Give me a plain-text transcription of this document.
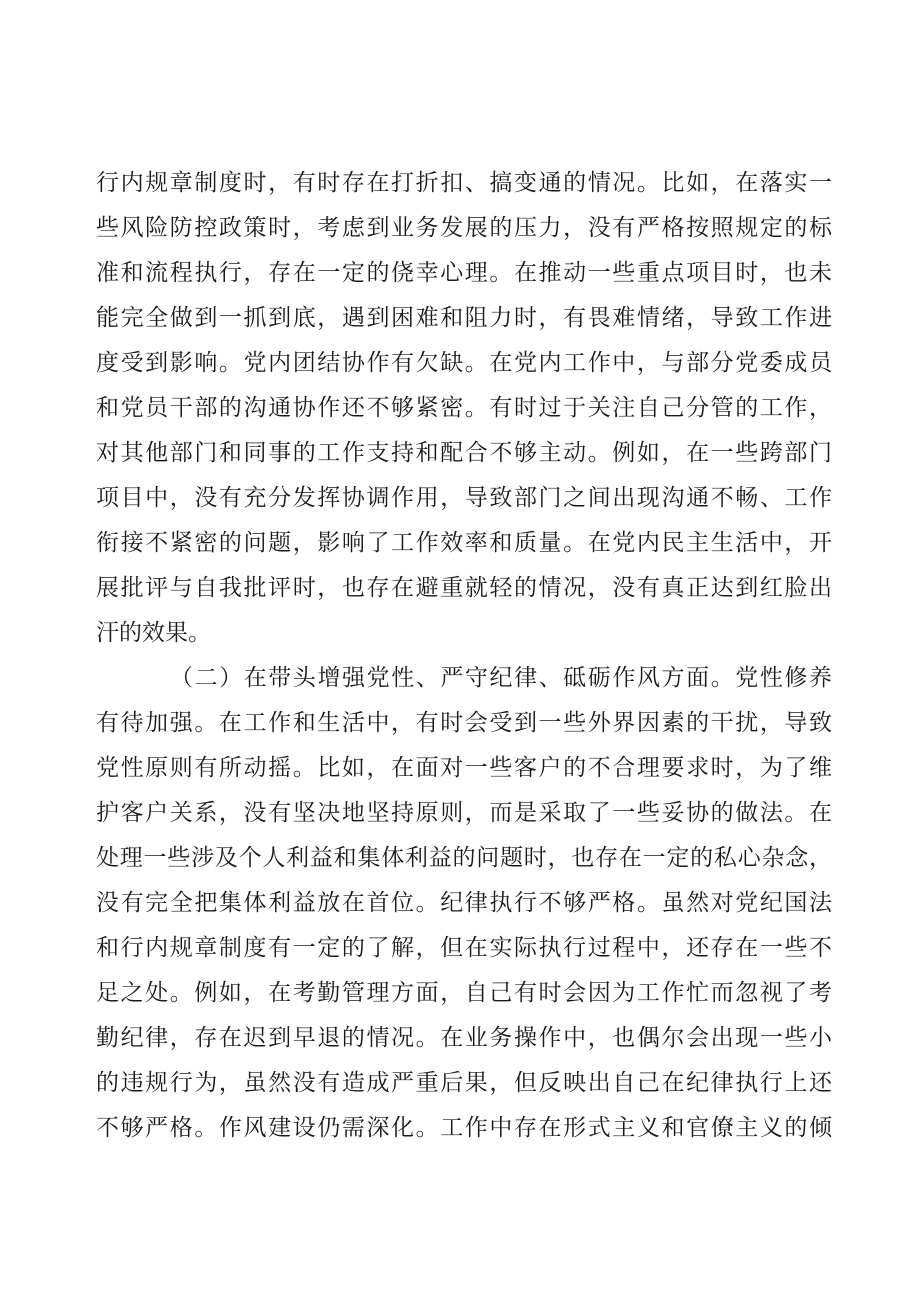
行内规章制度时，有时存在打折扣、搞变通的情况。比如，在落实一
些风险防控政策时，考虑到业务发展的压力，没有严格按照规定的标
准和流程执行，存在一定的侥幸心理。在推动一些重点项目时，也未
能完全做到一抓到底，遇到困难和阻力时，有畏难情绪，导致工作进
度受到影响。党内团结协作有欠缺。在党内工作中，与部分党委成员
和党员干部的沟通协作还不够紧密。有时过于关注自己分管的工作，
对其他部门和同事的工作支持和配合不够主动。例如，在一些跨部门
项目中，没有充分发挥协调作用，导致部门之间出现沟通不畅、工作
衔接不紧密的问题，影响了工作效率和质量。在党内民主生活中，开
展批评与自我批评时，也存在避重就轻的情况，没有真正达到红脸出
汗的效果。
（二）在带头增强党性、严守纪律、砥砺作风方面。党性修养
有待加强。在工作和生活中，有时会受到一些外界因素的干扰，导致
党性原则有所动摇。比如，在面对一些客户的不合理要求时，为了维
护客户关系，没有坚决地坚持原则，而是采取了一些妥协的做法。在
处理一些涉及个人利益和集体利益的问题时，也存在一定的私心杂念，
没有完全把集体利益放在首位。纪律执行不够严格。虽然对党纪国法
和行内规章制度有一定的了解，但在实际执行过程中，还存在一些不
足之处。例如，在考勤管理方面，自己有时会因为工作忙而忽视了考
勤纪律，存在迟到早退的情况。在业务操作中，也偶尔会出现一些小
的违规行为，虽然没有造成严重后果，但反映出自己在纪律执行上还
不够严格。作风建设仍需深化。工作中存在形式主义和官僚主义的倾
